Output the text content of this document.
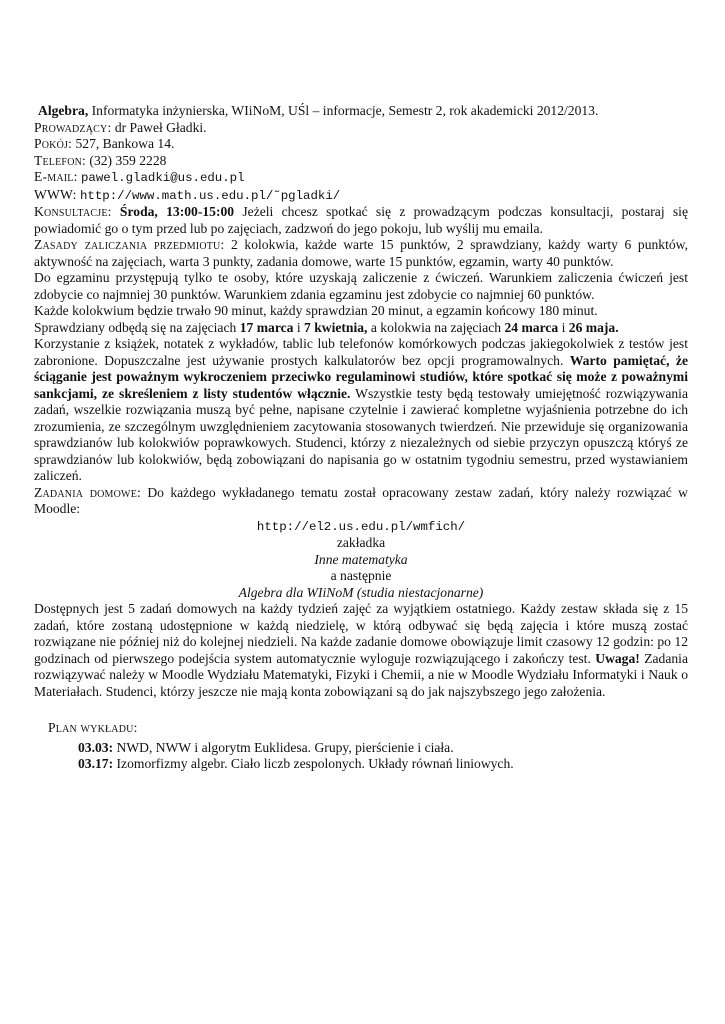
Algebra, Informatyka inżynierska, WIiNoM, UŚl – informacje, Semestr 2, rok akademicki 2012/2013.

Prowadzący: dr Paweł Gładki.

Pokój: 527, Bankowa 14.

Telefon: (32) 359 2228

E-mail: pawel.gladki@us.edu.pl

WWW: http://www.math.us.edu.pl/˜pgladki/

Konsultacje: Środa, 13:00-15:00 Jeżeli chcesz spotkać się z prowadzącym podczas konsultacji, postaraj się powiadomić go o tym przed lub po zajęciach, zadzwoń do jego pokoju, lub wyślij mu emaila.

Zasady zaliczania przedmiotu: 2 kolokwia, każde warte 15 punktów, 2 sprawdziany, każdy warty 6 punktów, aktywność na zajęciach, warta 3 punkty, zadania domowe, warte 15 punktów, egzamin, warty 40 punktów.

Do egzaminu przystępują tylko te osoby, które uzyskają zaliczenie z ćwiczeń. Warunkiem zaliczenia ćwiczeń jest zdobycie co najmniej 30 punktów. Warunkiem zdania egzaminu jest zdobycie co najmniej 60 punktów.

Każde kolokwium będzie trwało 90 minut, każdy sprawdzian 20 minut, a egzamin końcowy 180 minut.

Sprawdziany odbędą się na zajęciach 17 marca i 7 kwietnia, a kolokwia na zajęciach 24 marca i 26 maja.

Korzystanie z książek, notatek z wykładów, tablic lub telefonów komórkowych podczas jakiegokolwiek z testów jest zabronione. Dopuszczalne jest używanie prostych kalkulatorów bez opcji programowalnych. Warto pamiętać, że ściąganie jest poważnym wykroczeniem przeciwko regulaminowi studiów, które spotkać się może z poważnymi sankcjami, ze skreśleniem z listy studentów włącznie. Wszystkie testy będą testowały umiejętność rozwiązywania zadań, wszelkie rozwiązania muszą być pełne, napisane czytelnie i zawierać kompletne wyjaśnienia potrzebne do ich zrozumienia, ze szczególnym uwzględnieniem zacytowania stosowanych twierdzeń. Nie przewiduje się organizowania sprawdzianów lub kolokwiów poprawkowych. Studenci, którzy z niezależnych od siebie przyczyn opuszczą któryś ze sprawdzianów lub kolokwiów, będą zobowiązani do napisania go w ostatnim tygodniu semestru, przed wystawianiem zaliczeń.

Zadania domowe: Do każdego wykładanego tematu został opracowany zestaw zadań, który należy rozwiązać w Moodle:

http://el2.us.edu.pl/wmfich/
zakładka
Inne matematyka
a następnie
Algebra dla WIiNoM (studia niestacjonarne)

Dostępnych jest 5 zadań domowych na każdy tydzień zajęć za wyjątkiem ostatniego. Każdy zestaw składa się z 15 zadań, które zostaną udostępnione w każdą niedzielę, w którą odbywać się będą zajęcia i które muszą zostać rozwiązane nie później niż do kolejnej niedzieli. Na każde zadanie domowe obowiązuje limit czasowy 12 godzin: po 12 godzinach od pierwszego podejścia system automatycznie wyloguje rozwiązującego i zakończy test. Uwaga! Zadania rozwiązywać należy w Moodle Wydziału Matematyki, Fizyki i Chemii, a nie w Moodle Wydziału Informatyki i Nauk o Materiałach. Studenci, którzy jeszcze nie mają konta zobowiązani są do jak najszybszego jego założenia.

Plan wykładu:
03.03: NWD, NWW i algorytm Euklidesa. Grupy, pierścienie i ciała.
03.17: Izomorfizmy algebr. Ciało liczb zespolonych. Układy równań liniowych.
